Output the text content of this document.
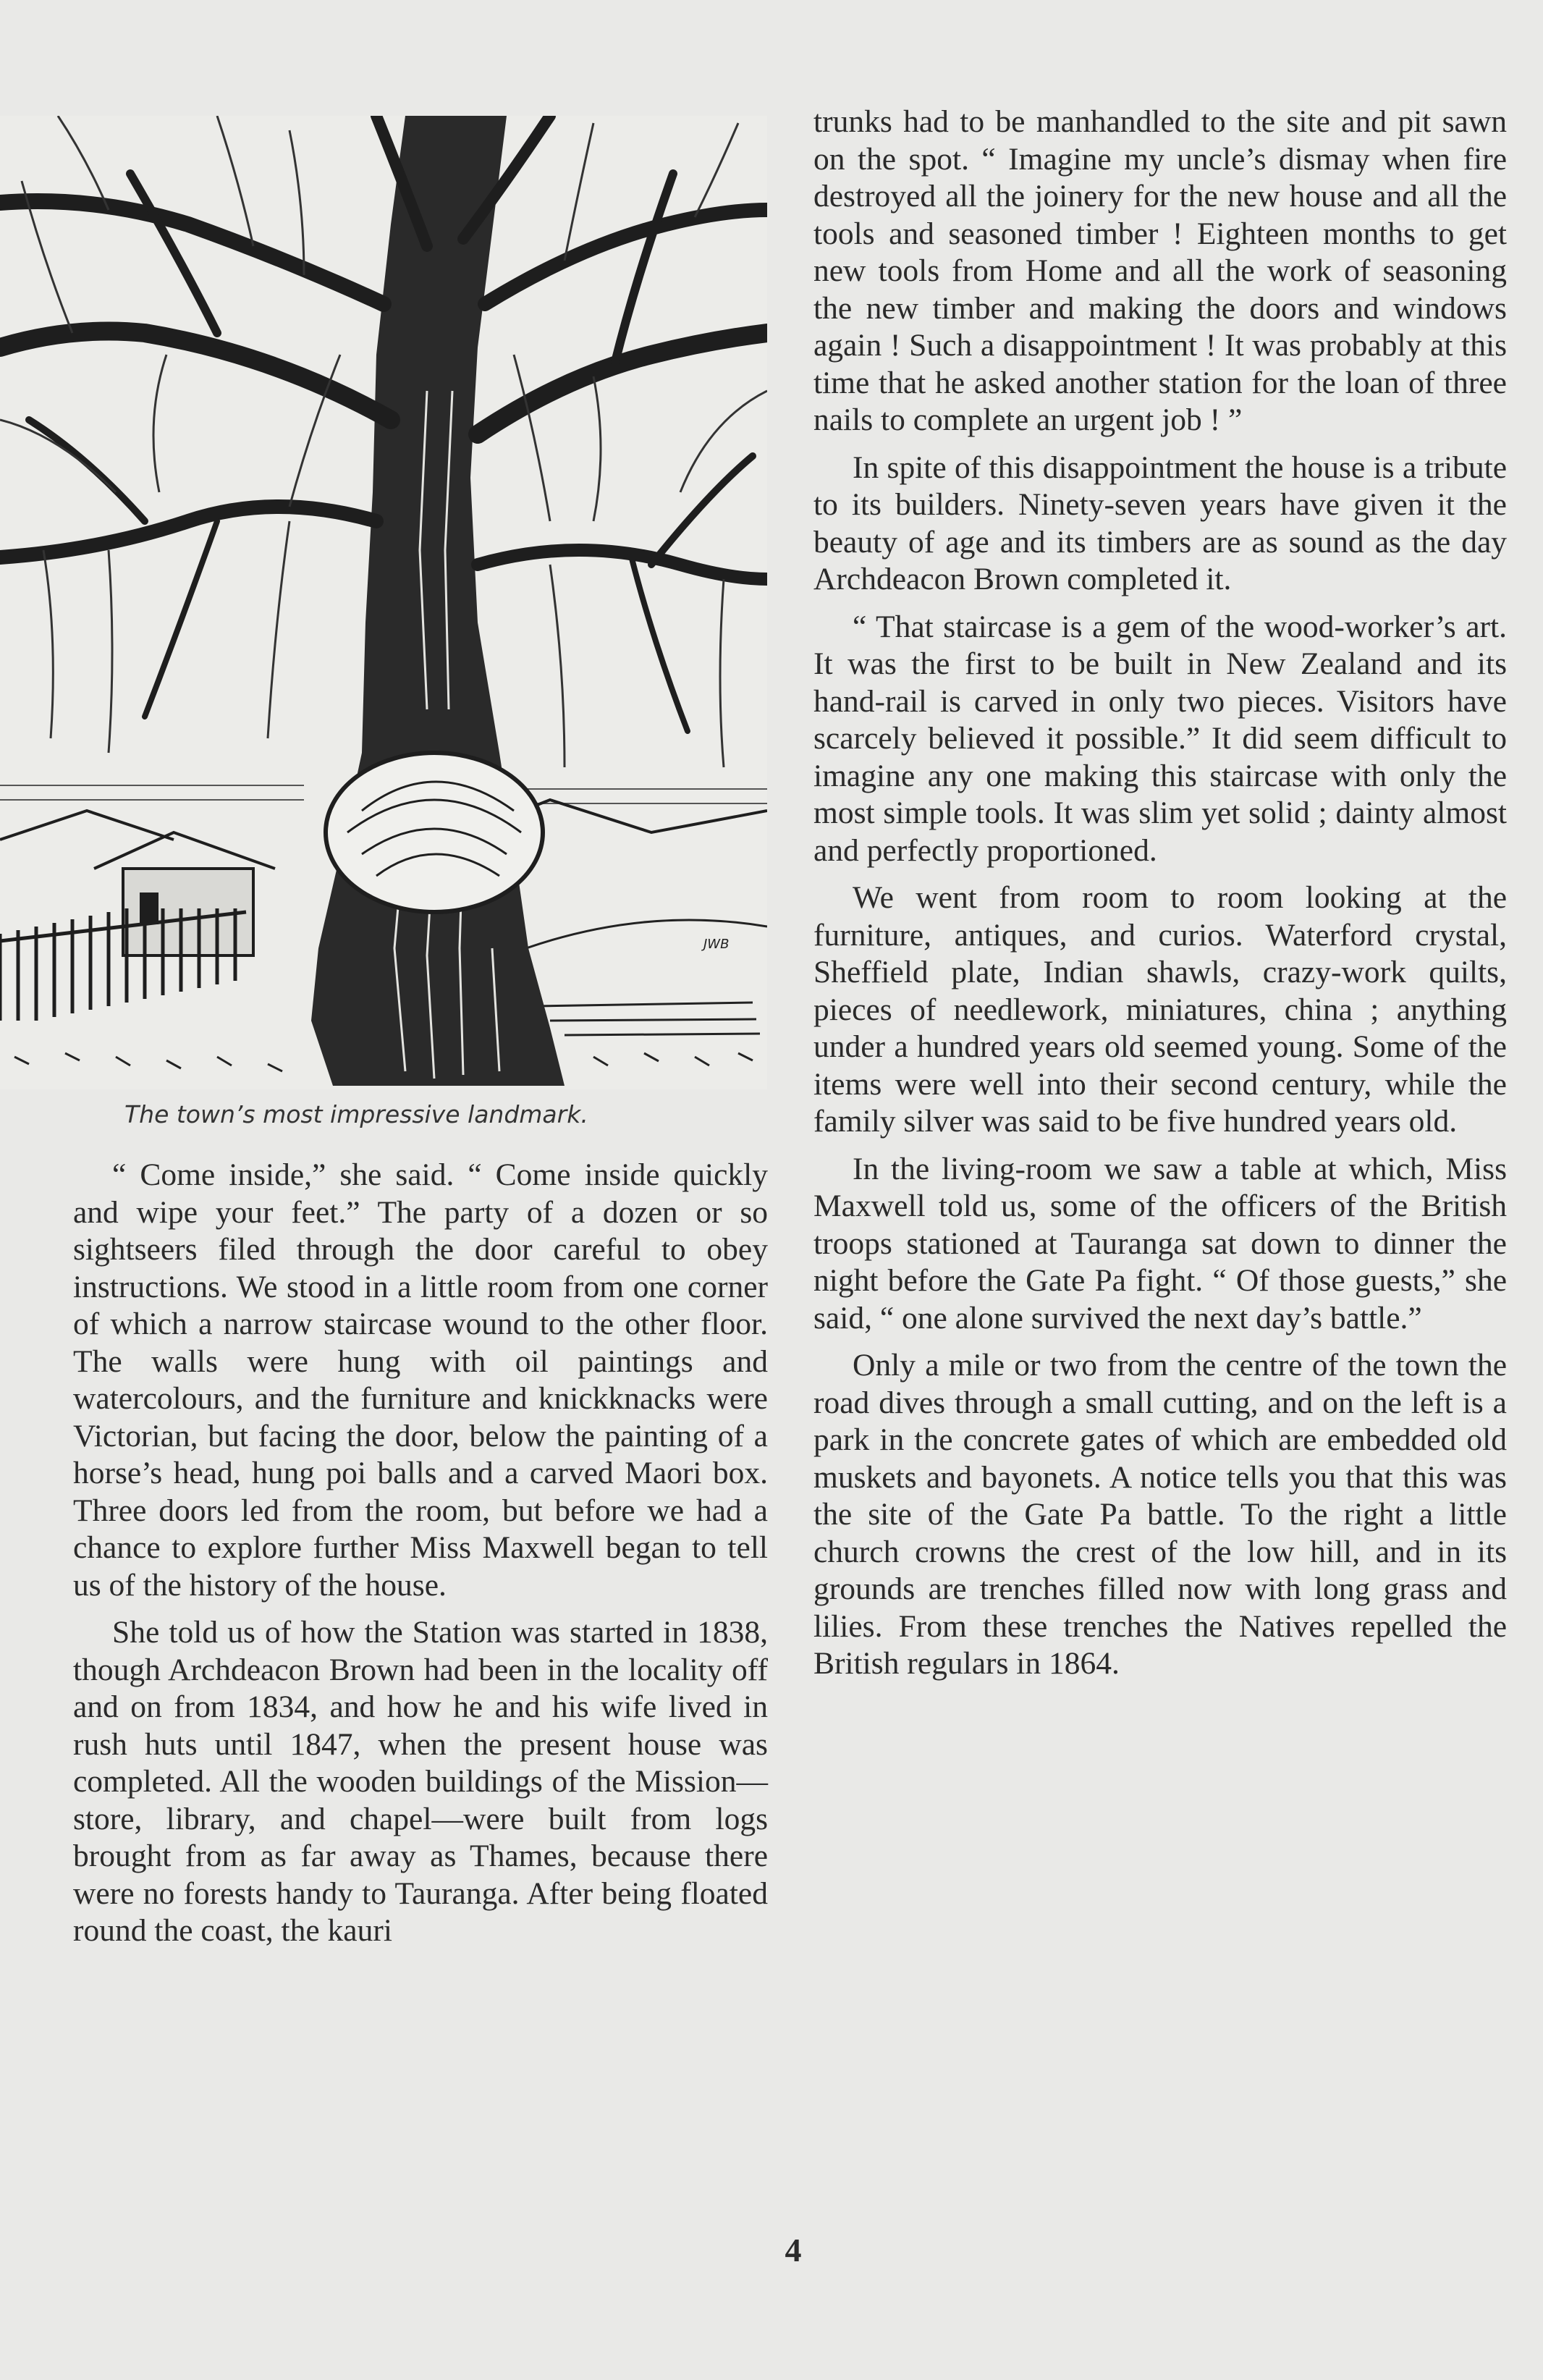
JWB
The town’s most impressive landmark.

“ Come inside,” she said. “ Come inside quickly and wipe your feet.” The party of a dozen or so sightseers filed through the door careful to obey instructions. We stood in a little room from one corner of which a narrow staircase wound to the other floor. The walls were hung with oil paintings and watercolours, and the furniture and knickknacks were Victorian, but facing the door, below the painting of a horse’s head, hung poi balls and a carved Maori box. Three doors led from the room, but before we had a chance to explore further Miss Maxwell began to tell us of the history of the house.

She told us of how the Station was started in 1838, though Archdeacon Brown had been in the locality off and on from 1834, and how he and his wife lived in rush huts until 1847, when the present house was completed. All the wooden buildings of the Mission—store, library, and chapel—were built from logs brought from as far away as Thames, because there were no forests handy to Tauranga. After being floated round the coast, the kauri

trunks had to be manhandled to the site and pit sawn on the spot. “ Imagine my uncle’s dismay when fire destroyed all the joinery for the new house and all the tools and seasoned timber ! Eighteen months to get new tools from Home and all the work of seasoning the new timber and making the doors and windows again ! Such a disappointment ! It was probably at this time that he asked another station for the loan of three nails to complete an urgent job ! ”

In spite of this disappointment the house is a tribute to its builders. Ninety-seven years have given it the beauty of age and its timbers are as sound as the day Archdeacon Brown completed it.

“ That staircase is a gem of the wood-worker’s art. It was the first to be built in New Zealand and its hand-rail is carved in only two pieces. Visitors have scarcely believed it possible.” It did seem difficult to imagine any one making this staircase with only the most simple tools. It was slim yet solid ; dainty almost and perfectly proportioned.

We went from room to room looking at the furniture, antiques, and curios. Waterford crystal, Sheffield plate, Indian shawls, crazy-work quilts, pieces of needlework, miniatures, china ; anything under a hundred years old seemed young. Some of the items were well into their second century, while the family silver was said to be five hundred years old.

In the living-room we saw a table at which, Miss Maxwell told us, some of the officers of the British troops stationed at Tauranga sat down to dinner the night before the Gate Pa fight. “ Of those guests,” she said, “ one alone survived the next day’s battle.”

Only a mile or two from the centre of the town the road dives through a small cutting, and on the left is a park in the concrete gates of which are embedded old muskets and bayonets. A notice tells you that this was the site of the Gate Pa battle. To the right a little church crowns the crest of the low hill, and in its grounds are trenches filled now with long grass and lilies. From these trenches the Natives repelled the British regulars in 1864.

4
